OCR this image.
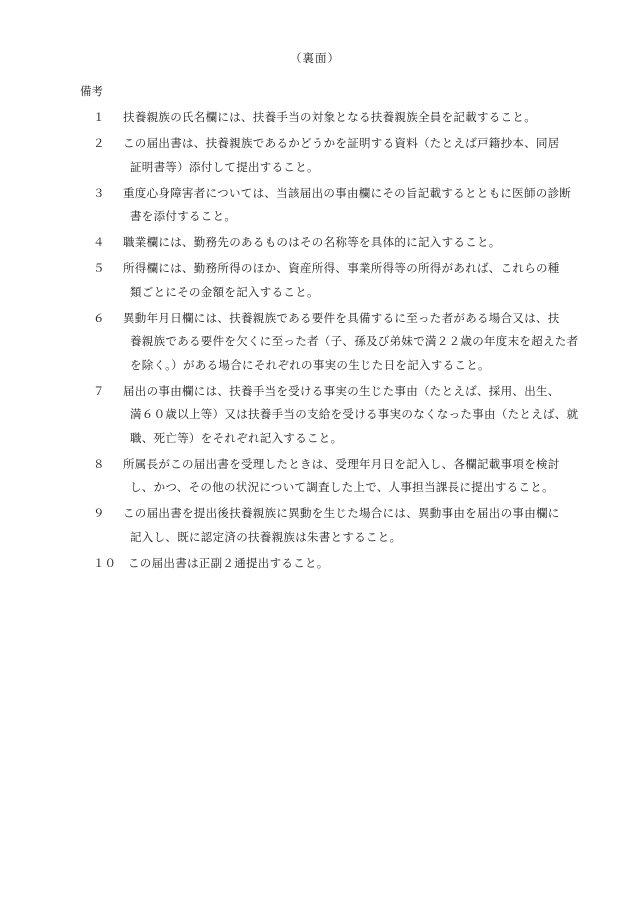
（裏面）
備考
１	扶養親族の氏名欄には、扶養手当の対象となる扶養親族全員を記載すること。
２	この届出書は、扶養親族であるかどうかを証明する資料（たとえば戸籍抄本、同居
証明書等）添付して提出すること。
３	重度心身障害者については、当該届出の事由欄にその旨記載するとともに医師の診断
書を添付すること。
４	職業欄には、勤務先のあるものはその名称等を具体的に記入すること。
５	所得欄には、勤務所得のほか、資産所得、事業所得等の所得があれば、これらの種
類ごとにその金額を記入すること。
６	異動年月日欄には、扶養親族である要件を具備するに至った者がある場合又は、扶
養親族である要件を欠くに至った者（子、孫及び弟妹で満２２歳の年度末を超えた者
を除く。）がある場合にそれぞれの事実の生じた日を記入すること。
７	届出の事由欄には、扶養手当を受ける事実の生じた事由（たとえば、採用、出生、
満６０歳以上等）又は扶養手当の支給を受ける事実のなくなった事由（たとえば、就
職、死亡等）をそれぞれ記入すること。
８	所属長がこの届出書を受理したときは、受理年月日を記入し、各欄記載事項を検討
し、かつ、その他の状況について調査した上で、人事担当課長に提出すること。
９	この届出書を提出後扶養親族に異動を生じた場合には、異動事由を届出の事由欄に
記入し、既に認定済の扶養親族は朱書とすること。
１０	この届出書は正副２通提出すること。
